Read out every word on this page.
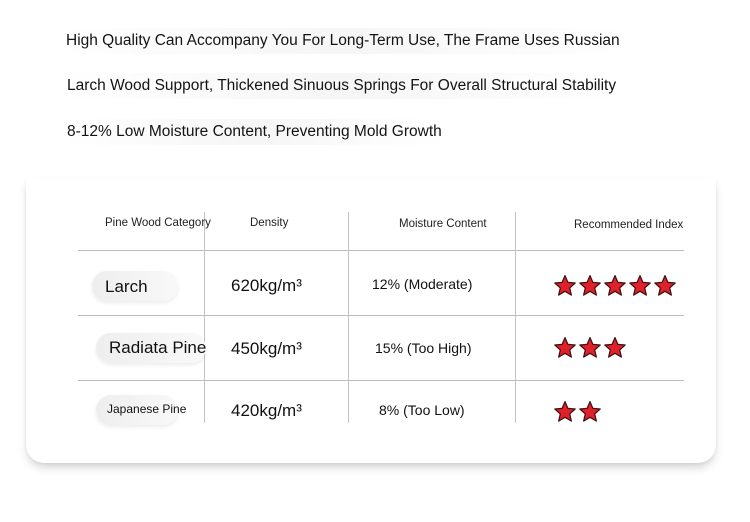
High Quality Can Accompany You For Long-Term Use, The Frame Uses Russian
Larch Wood Support, Thickened Sinuous Springs For Overall Structural Stability
8-12% Low Moisture Content, Preventing Mold Growth
Pine Wood Category	Density	Moisture Content	Recommended Index
Larch	620kg/m³	12% (Moderate)
Radiata Pine 450kg/m³	15% (Too High)
Japanese Pine	420kg/m³	8% (Too Low)
